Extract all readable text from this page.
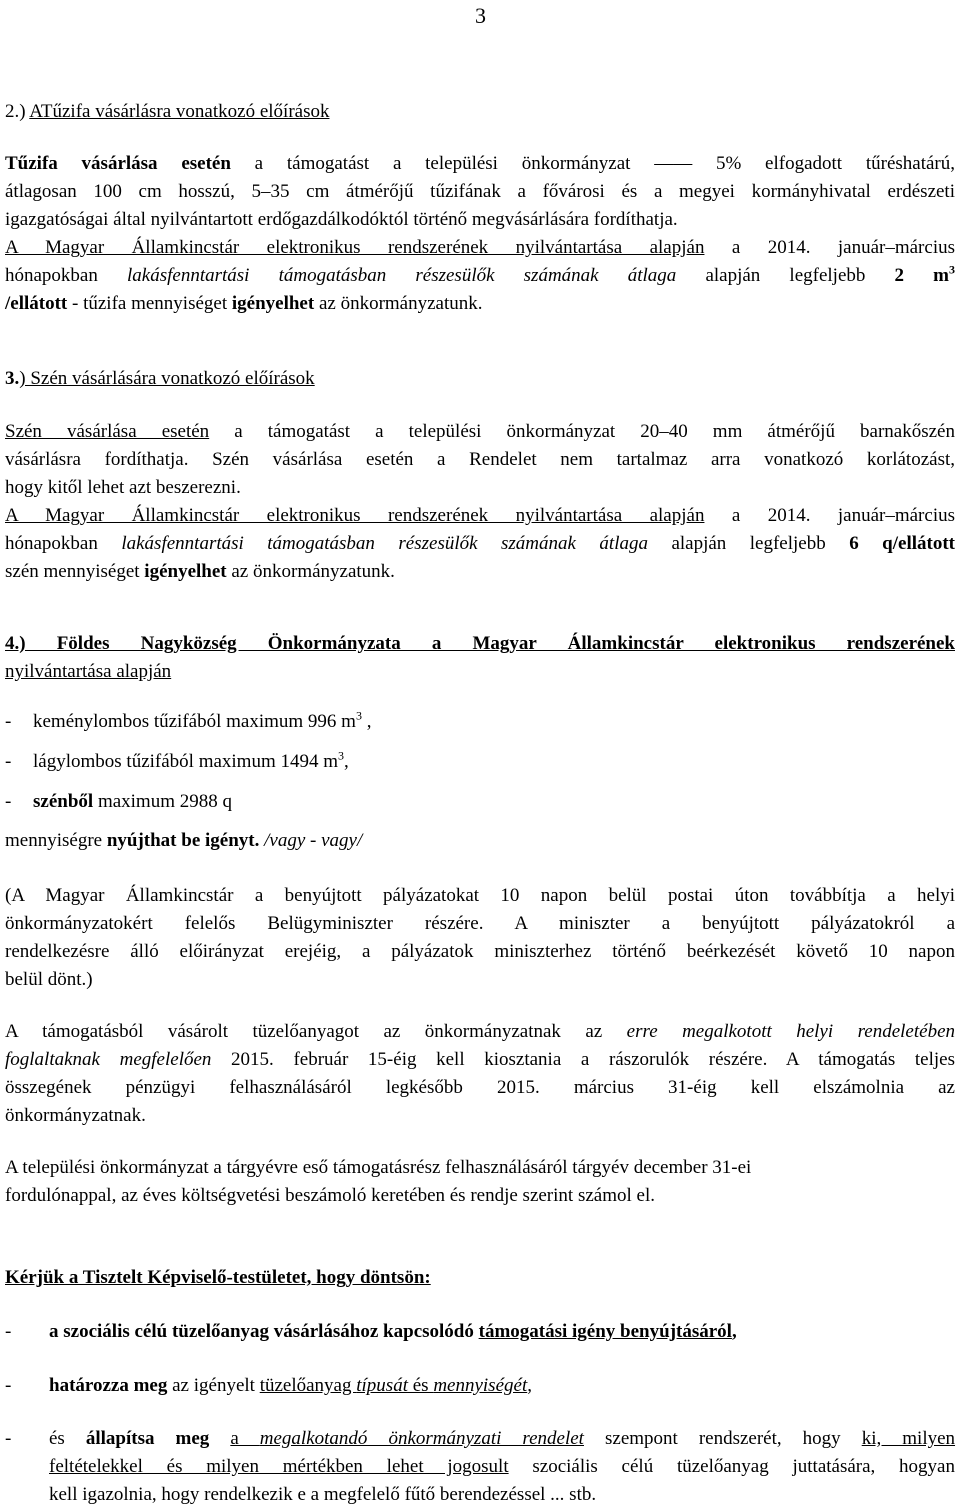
3
2.) ATűzifa vásárlásra vonatkozó előírások

Tűzifa vásárlása esetén a támogatást a települési önkormányzat —— 5% elfogadott tűréshatárú,

átlagosan 100 cm hosszú, 5–35 cm átmérőjű tűzifának a fővárosi és a megyei kormányhivatal erdészeti

igazgatóságai által nyilvántartott erdőgazdálkodóktól történő megvásárlására fordíthatja.

A Magyar Államkincstár elektronikus rendszerének nyilvántartása alapján a 2014. január–március

hónapokban lakásfenntartási támogatásban részesülők számának átlaga alapján legfeljebb 2 $m^3$

/ellátott - tűzifa mennyiséget igényelhet az önkormányzatunk.

3.) Szén vásárlására vonatkozó előírások

Szén vásárlása esetén a támogatást a települési önkormányzat 20–40 mm átmérőjű barnakőszén

vásárlásra fordíthatja. Szén vásárlása esetén a Rendelet nem tartalmaz arra vonatkozó korlátozást,

hogy kitől lehet azt beszerezni.

A Magyar Államkincstár elektronikus rendszerének nyilvántartása alapján a 2014. január–március

hónapokban lakásfenntartási támogatásban részesülők számának átlaga alapján legfeljebb 6 q/ellátott

szén mennyiséget igényelhet az önkormányzatunk.

4.) Földes Nagyközség Önkormányzata a Magyar Államkincstár elektronikus rendszerének

nyilvántartása alapján

- keménylombos tűzifából maximum 996 $m^3$ ,
- lágylombos tűzifából maximum 1494 $m^3$,
- szénből maximum 2988 q
mennyiségre nyújthat be igényt. /vagy - vagy/

(A Magyar Államkincstár a benyújtott pályázatokat 10 napon belül postai úton továbbítja a helyi

önkormányzatokért felelős Belügyminiszter részére. A miniszter a benyújtott pályázatokról a

rendelkezésre álló előirányzat erejéig, a pályázatok miniszterhez történő beérkezését követő 10 napon

belül dönt.)

A támogatásból vásárolt tüzelőanyagot az önkormányzatnak az erre megalkotott helyi rendeletében

foglaltaknak megfelelően 2015. február 15-éig kell kiosztania a rászorulók részére. A támogatás teljes

összegének pénzügyi felhasználásáról legkésőbb 2015. március 31-éig kell elszámolnia az

önkormányzatnak.

A települési önkormányzat a tárgyévre eső támogatásrész felhasználásáról tárgyév december 31-ei

fordulónappal, az éves költségvetési beszámoló keretében és rendje szerint számol el.

Kérjük a Tisztelt Képviselő-testületet, hogy döntsön:
- a szociális célú tüzelőanyag vásárlásához kapcsolódó támogatási igény benyújtásáról,
- határozza meg az igényelt tüzelőanyag típusát és mennyiségét,
- és állapítsa meg a megalkotandó önkormányzati rendelet szempont rendszerét, hogy ki, milyen

feltételekkel és milyen mértékben lehet jogosult szociális célú tüzelőanyag juttatására, hogyan

kell igazolnia, hogy rendelkezik e a megfelelő fűtő berendezéssel ... stb.
